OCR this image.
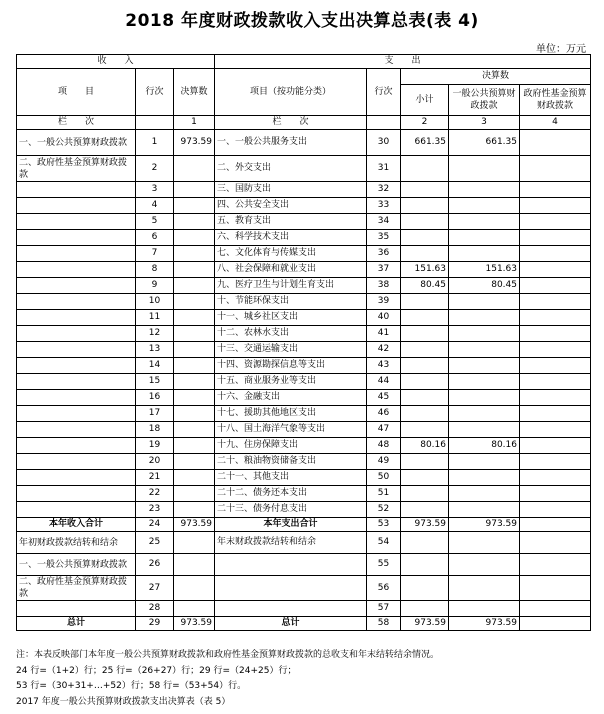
2018 年度财政拨款收入支出决算总表(表 4)
单位：万元
收　　入			支　　出				
项　　目	行次	决算数	项目（按功能分类）	行次	决算数		
					小计	一般公共预算财政拨款	政府性基金预算财政拨款
栏　　次		1	栏　　次		2	3	4
一、一般公共预算财政拨款	1	973.59	一、一般公共服务支出	30	661.35	661.35	
二、政府性基金预算财政拨款	2		二、外交支出	31			
	3		三、国防支出	32			
	4		四、公共安全支出	33			
	5		五、教育支出	34			
	6		六、科学技术支出	35			
	7		七、文化体育与传媒支出	36			
	8		八、社会保障和就业支出	37	151.63	151.63	
	9		九、医疗卫生与计划生育支出	38	80.45	80.45	
	10		十、节能环保支出	39			
	11		十一、城乡社区支出	40			
	12		十二、农林水支出	41			
	13		十三、交通运输支出	42			
	14		十四、资源勘探信息等支出	43			
	15		十五、商业服务业等支出	44			
	16		十六、金融支出	45			
	17		十七、援助其他地区支出	46			
	18		十八、国土海洋气象等支出	47			
	19		十九、住房保障支出	48	80.16	80.16	
	20		二十、粮油物资储备支出	49			
	21		二十一、其他支出	50			
	22		二十二、债务还本支出	51			
	23		二十三、债务付息支出	52			
本年收入合计	24	973.59	本年支出合计	53	973.59	973.59	
年初财政拨款结转和结余	25		年末财政拨款结转和结余	54			
一、一般公共预算财政拨款	26			55			
二、政府性基金预算财政拨款	27			56			
	28			57			
总计	29	973.59	总计	58	973.59	973.59	
注：本表反映部门本年度一般公共预算财政拨款和政府性基金预算财政拨款的总收支和年末结转结余情况。
24 行=（1+2）行；25 行=（26+27）行；29 行=（24+25）行；
53 行=（30+31+…+52）行；58 行=（53+54）行。
2017 年度一般公共预算财政拨款支出决算表（表 5）
